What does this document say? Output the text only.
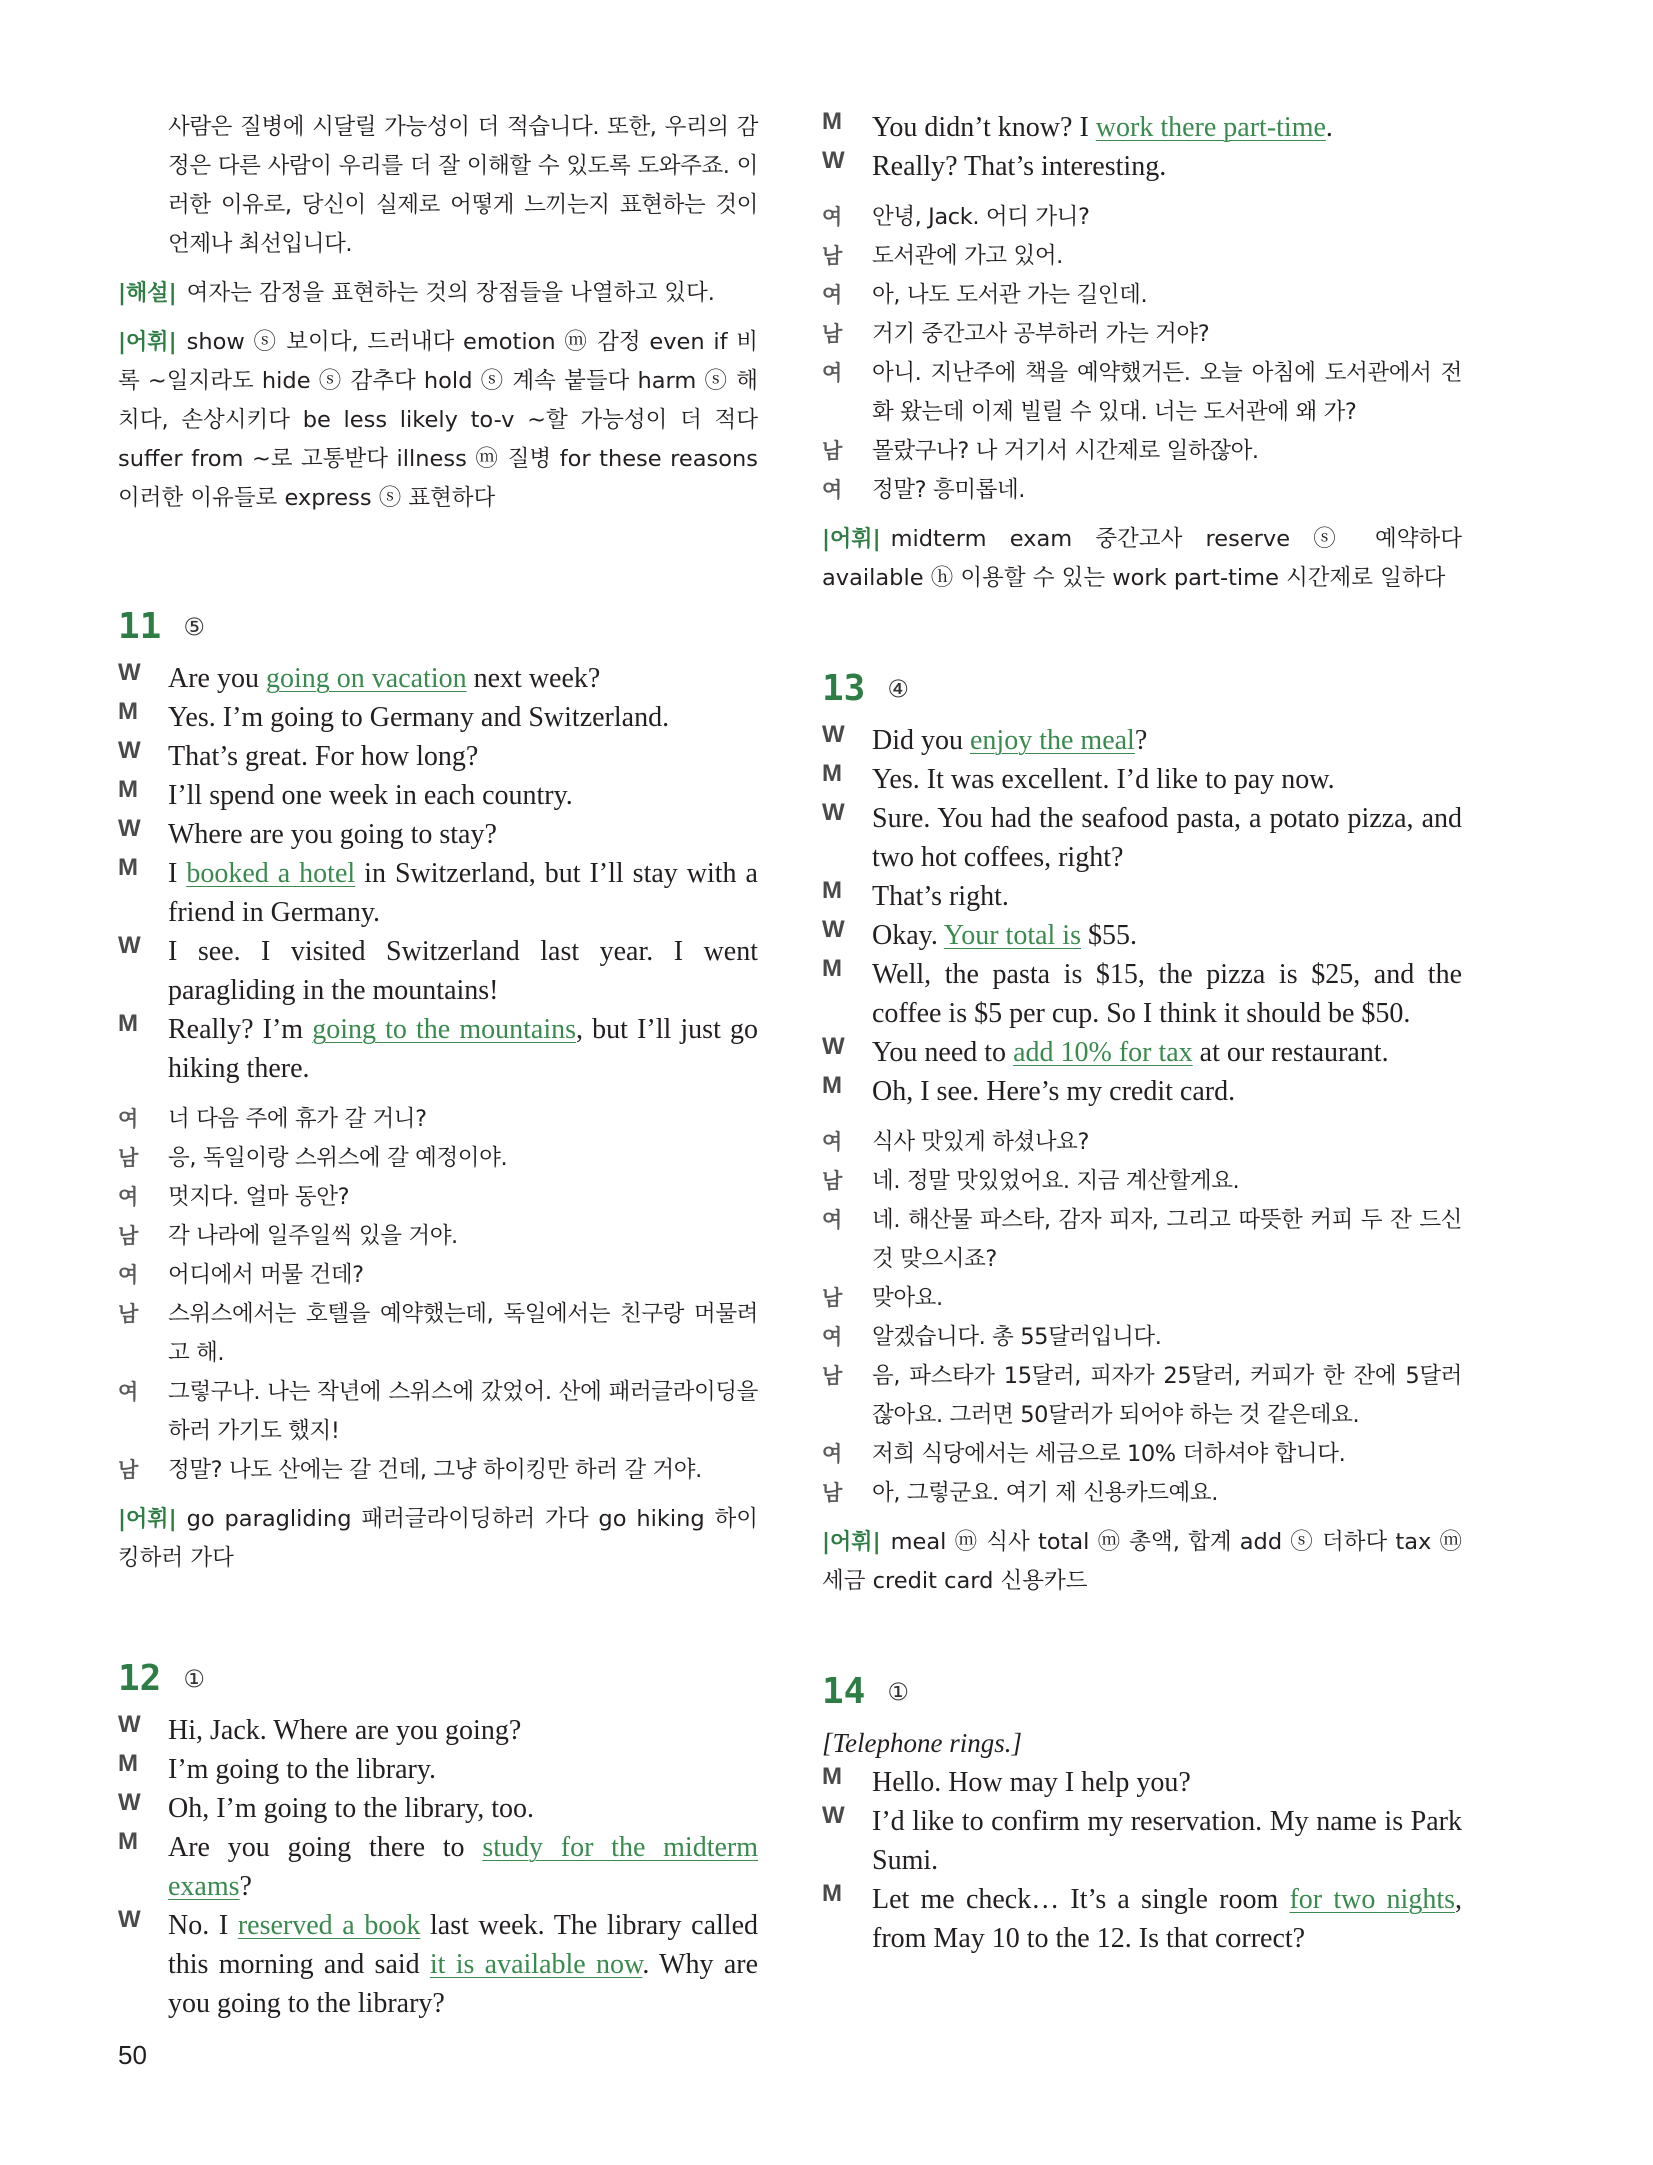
사람은 질병에 시달릴 가능성이 더 적습니다. 또한, 우리의 감정은 다른 사람이 우리를 더 잘 이해할 수 있도록 도와주죠. 이러한 이유로, 당신이 실제로 어떻게 느끼는지 표현하는 것이 언제나 최선입니다.
|해설| 여자는 감정을 표현하는 것의 장점들을 나열하고 있다.
|어휘| show ⓢ 보이다, 드러내다 emotion ⓜ 감정 even if 비록 ~일지라도 hide ⓢ 감추다 hold ⓢ 계속 붙들다 harm ⓢ 해치다, 손상시키다 be less likely to-v ~할 가능성이 더 적다 suffer from ~로 고통받다 illness ⓜ 질병 for these reasons 이러한 이유들로 express ⓢ 표현하다
11 ⑤
W Are you going on vacation next week?
M	Yes. I’m going to Germany and Switzerland.
W That’s great. For how long?
M	I’ll spend one week in each country.
W Where are you going to stay?
M	I booked a hotel in Switzerland, but I’ll stay with a friend in Germany.
W I see. I visited Switzerland last year. I went paragliding in the mountains!
M	Really? I’m going to the mountains, but I’ll just go hiking there.
여	너 다음 주에 휴가 갈 거니?
남	응, 독일이랑 스위스에 갈 예정이야.
여	멋지다. 얼마 동안?
남	각 나라에 일주일씩 있을 거야.
여	어디에서 머물 건데?
남	스위스에서는 호텔을 예약했는데, 독일에서는 친구랑 머물려고 해.
여	그렇구나. 나는 작년에 스위스에 갔었어. 산에 패러글라이딩을 하러 가기도 했지!
남	정말? 나도 산에는 갈 건데, 그냥 하이킹만 하러 갈 거야.
|어휘| go paragliding 패러글라이딩하러 가다 go hiking 하이킹하러 가다
12 ①
W Hi, Jack. Where are you going?
M	I’m going to the library.
W Oh, I’m going to the library, too.
M	Are you going there to study for the midterm exams?
W No. I reserved a book last week. The library called this morning and said it is available now. Why are you going to the library?
M	You didn’t know? I work there part-time.
W Really? That’s interesting.
여	안녕, Jack. 어디 가니?
남	도서관에 가고 있어.
여	아, 나도 도서관 가는 길인데.
남	거기 중간고사 공부하러 가는 거야?
여	아니. 지난주에 책을 예약했거든. 오늘 아침에 도서관에서 전화 왔는데 이제 빌릴 수 있대. 너는 도서관에 왜 가?
남	몰랐구나? 나 거기서 시간제로 일하잖아.
여	정말? 흥미롭네.
|어휘| midterm exam 중간고사 reserve ⓢ 예약하다 available ⓗ 이용할 수 있는 work part-time 시간제로 일하다
13 ④
W Did you enjoy the meal?
M	Yes. It was excellent. I’d like to pay now.
W Sure. You had the seafood pasta, a potato pizza, and two hot coffees, right?
M	That’s right.
W Okay. Your total is $55.
M	Well, the pasta is $15, the pizza is $25, and the coffee is $5 per cup. So I think it should be $50.
W You need to add 10% for tax at our restaurant.
M	Oh, I see. Here’s my credit card.
여	식사 맛있게 하셨나요?
남	네. 정말 맛있었어요. 지금 계산할게요.
여	네. 해산물 파스타, 감자 피자, 그리고 따뜻한 커피 두 잔 드신 것 맞으시죠?
남	맞아요.
여	알겠습니다. 총 55달러입니다.
남	음, 파스타가 15달러, 피자가 25달러, 커피가 한 잔에 5달러잖아요. 그러면 50달러가 되어야 하는 것 같은데요.
여	저희 식당에서는 세금으로 10% 더하셔야 합니다.
남	아, 그렇군요. 여기 제 신용카드예요.
|어휘| meal ⓜ 식사 total ⓜ 총액, 합계 add ⓢ 더하다 tax ⓜ 세금 credit card 신용카드
14 ①
[Telephone rings.]
M	Hello. How may I help you?
W I’d like to confirm my reservation. My name is Park Sumi.
M	Let me check… It’s a single room for two nights, from May 10 to the 12. Is that correct?
50
